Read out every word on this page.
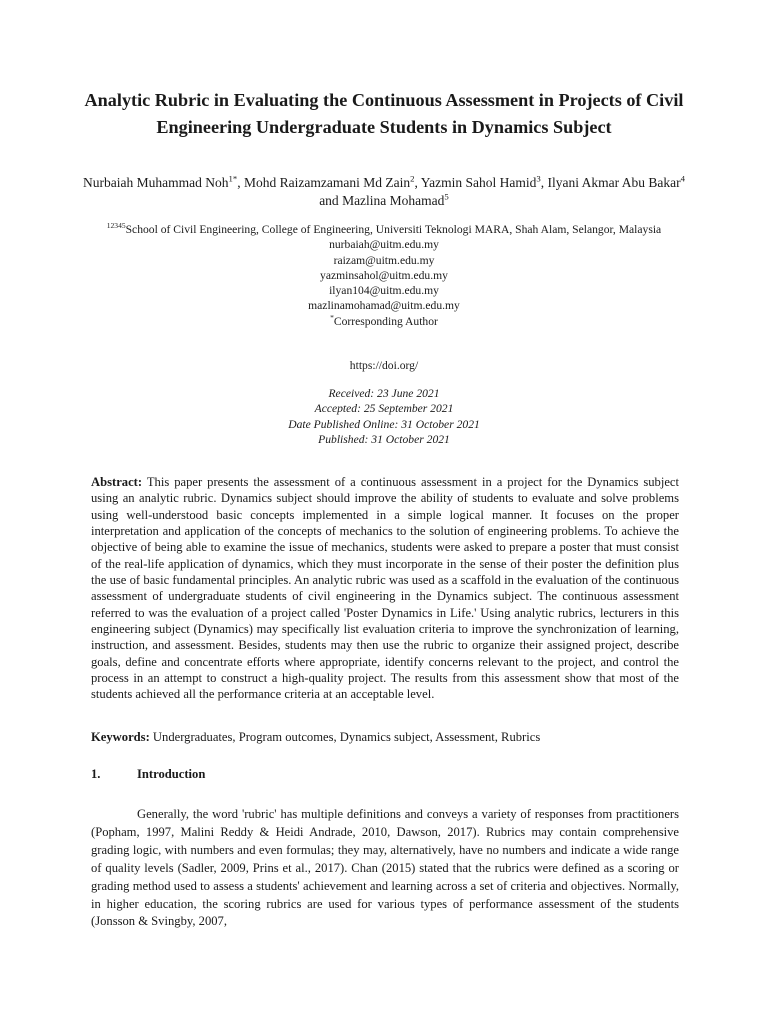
Analytic Rubric in Evaluating the Continuous Assessment in Projects of Civil Engineering Undergraduate Students in Dynamics Subject
Nurbaiah Muhammad Noh$^{1*}$, Mohd Raizamzamani Md Zain$^2$, Yazmin Sahol Hamid$^3$, Ilyani Akmar Abu Bakar$^4$ and Mazlina Mohamad$^5$
$^{12345}$School of Civil Engineering, College of Engineering, Universiti Teknologi MARA, Shah Alam, Selangor, Malaysia
nurbaiah@uitm.edu.my
raizam@uitm.edu.my
yazminsahol@uitm.edu.my
ilyan104@uitm.edu.my
mazlinamohamad@uitm.edu.my
*Corresponding Author
https://doi.org/
Received: 23 June 2021
Accepted: 25 September 2021
Date Published Online: 31 October 2021
Published: 31 October 2021
Abstract: This paper presents the assessment of a continuous assessment in a project for the Dynamics subject using an analytic rubric. Dynamics subject should improve the ability of students to evaluate and solve problems using well-understood basic concepts implemented in a simple logical manner. It focuses on the proper interpretation and application of the concepts of mechanics to the solution of engineering problems. To achieve the objective of being able to examine the issue of mechanics, students were asked to prepare a poster that must consist of the real-life application of dynamics, which they must incorporate in the sense of their poster the definition plus the use of basic fundamental principles. An analytic rubric was used as a scaffold in the evaluation of the continuous assessment of undergraduate students of civil engineering in the Dynamics subject. The continuous assessment referred to was the evaluation of a project called 'Poster Dynamics in Life.' Using analytic rubrics, lecturers in this engineering subject (Dynamics) may specifically list evaluation criteria to improve the synchronization of learning, instruction, and assessment. Besides, students may then use the rubric to organize their assigned project, describe goals, define and concentrate efforts where appropriate, identify concerns relevant to the project, and control the process in an attempt to construct a high-quality project. The results from this assessment show that most of the students achieved all the performance criteria at an acceptable level.
Keywords: Undergraduates, Program outcomes, Dynamics subject, Assessment, Rubrics
1.	Introduction
Generally, the word 'rubric' has multiple definitions and conveys a variety of responses from practitioners (Popham, 1997, Malini Reddy & Heidi Andrade, 2010, Dawson, 2017). Rubrics may contain comprehensive grading logic, with numbers and even formulas; they may, alternatively, have no numbers and indicate a wide range of quality levels (Sadler, 2009, Prins et al., 2017). Chan (2015) stated that the rubrics were defined as a scoring or grading method used to assess a students' achievement and learning across a set of criteria and objectives. Normally, in higher education, the scoring rubrics are used for various types of performance assessment of the students (Jonsson & Svingby, 2007,
